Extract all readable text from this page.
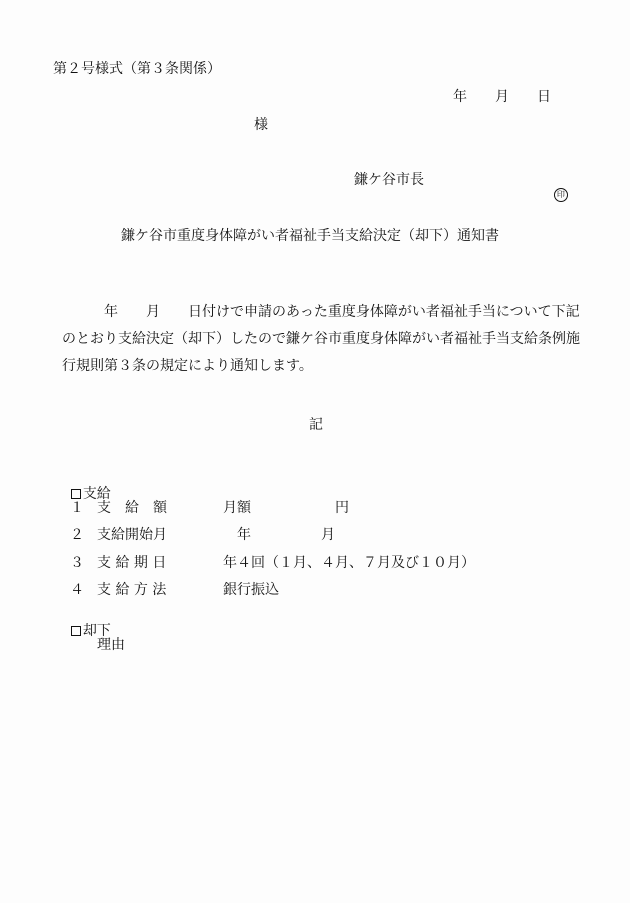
第２号様式（第３条関係）
年　　月　　日
様
鎌ケ谷市長

印

鎌ケ谷市重度身体障がい者福祉手当支給決定（却下）通知書
年　　月　　日付けで申請のあった重度身体障がい者福祉手当について下記のとおり支給決定（却下）したので鎌ケ谷市重度身体障がい者福祉手当支給条例施行規則第３条の規定により通知します。
記

支給

１ 支　給　額	月額　　　　　　円
２ 支給開始月	　年　　　　　月
３ 支 給 期 日	年４回（１月、４月、７月及び１０月）
４ 支 給 方 法	銀行振込

却下

理由
